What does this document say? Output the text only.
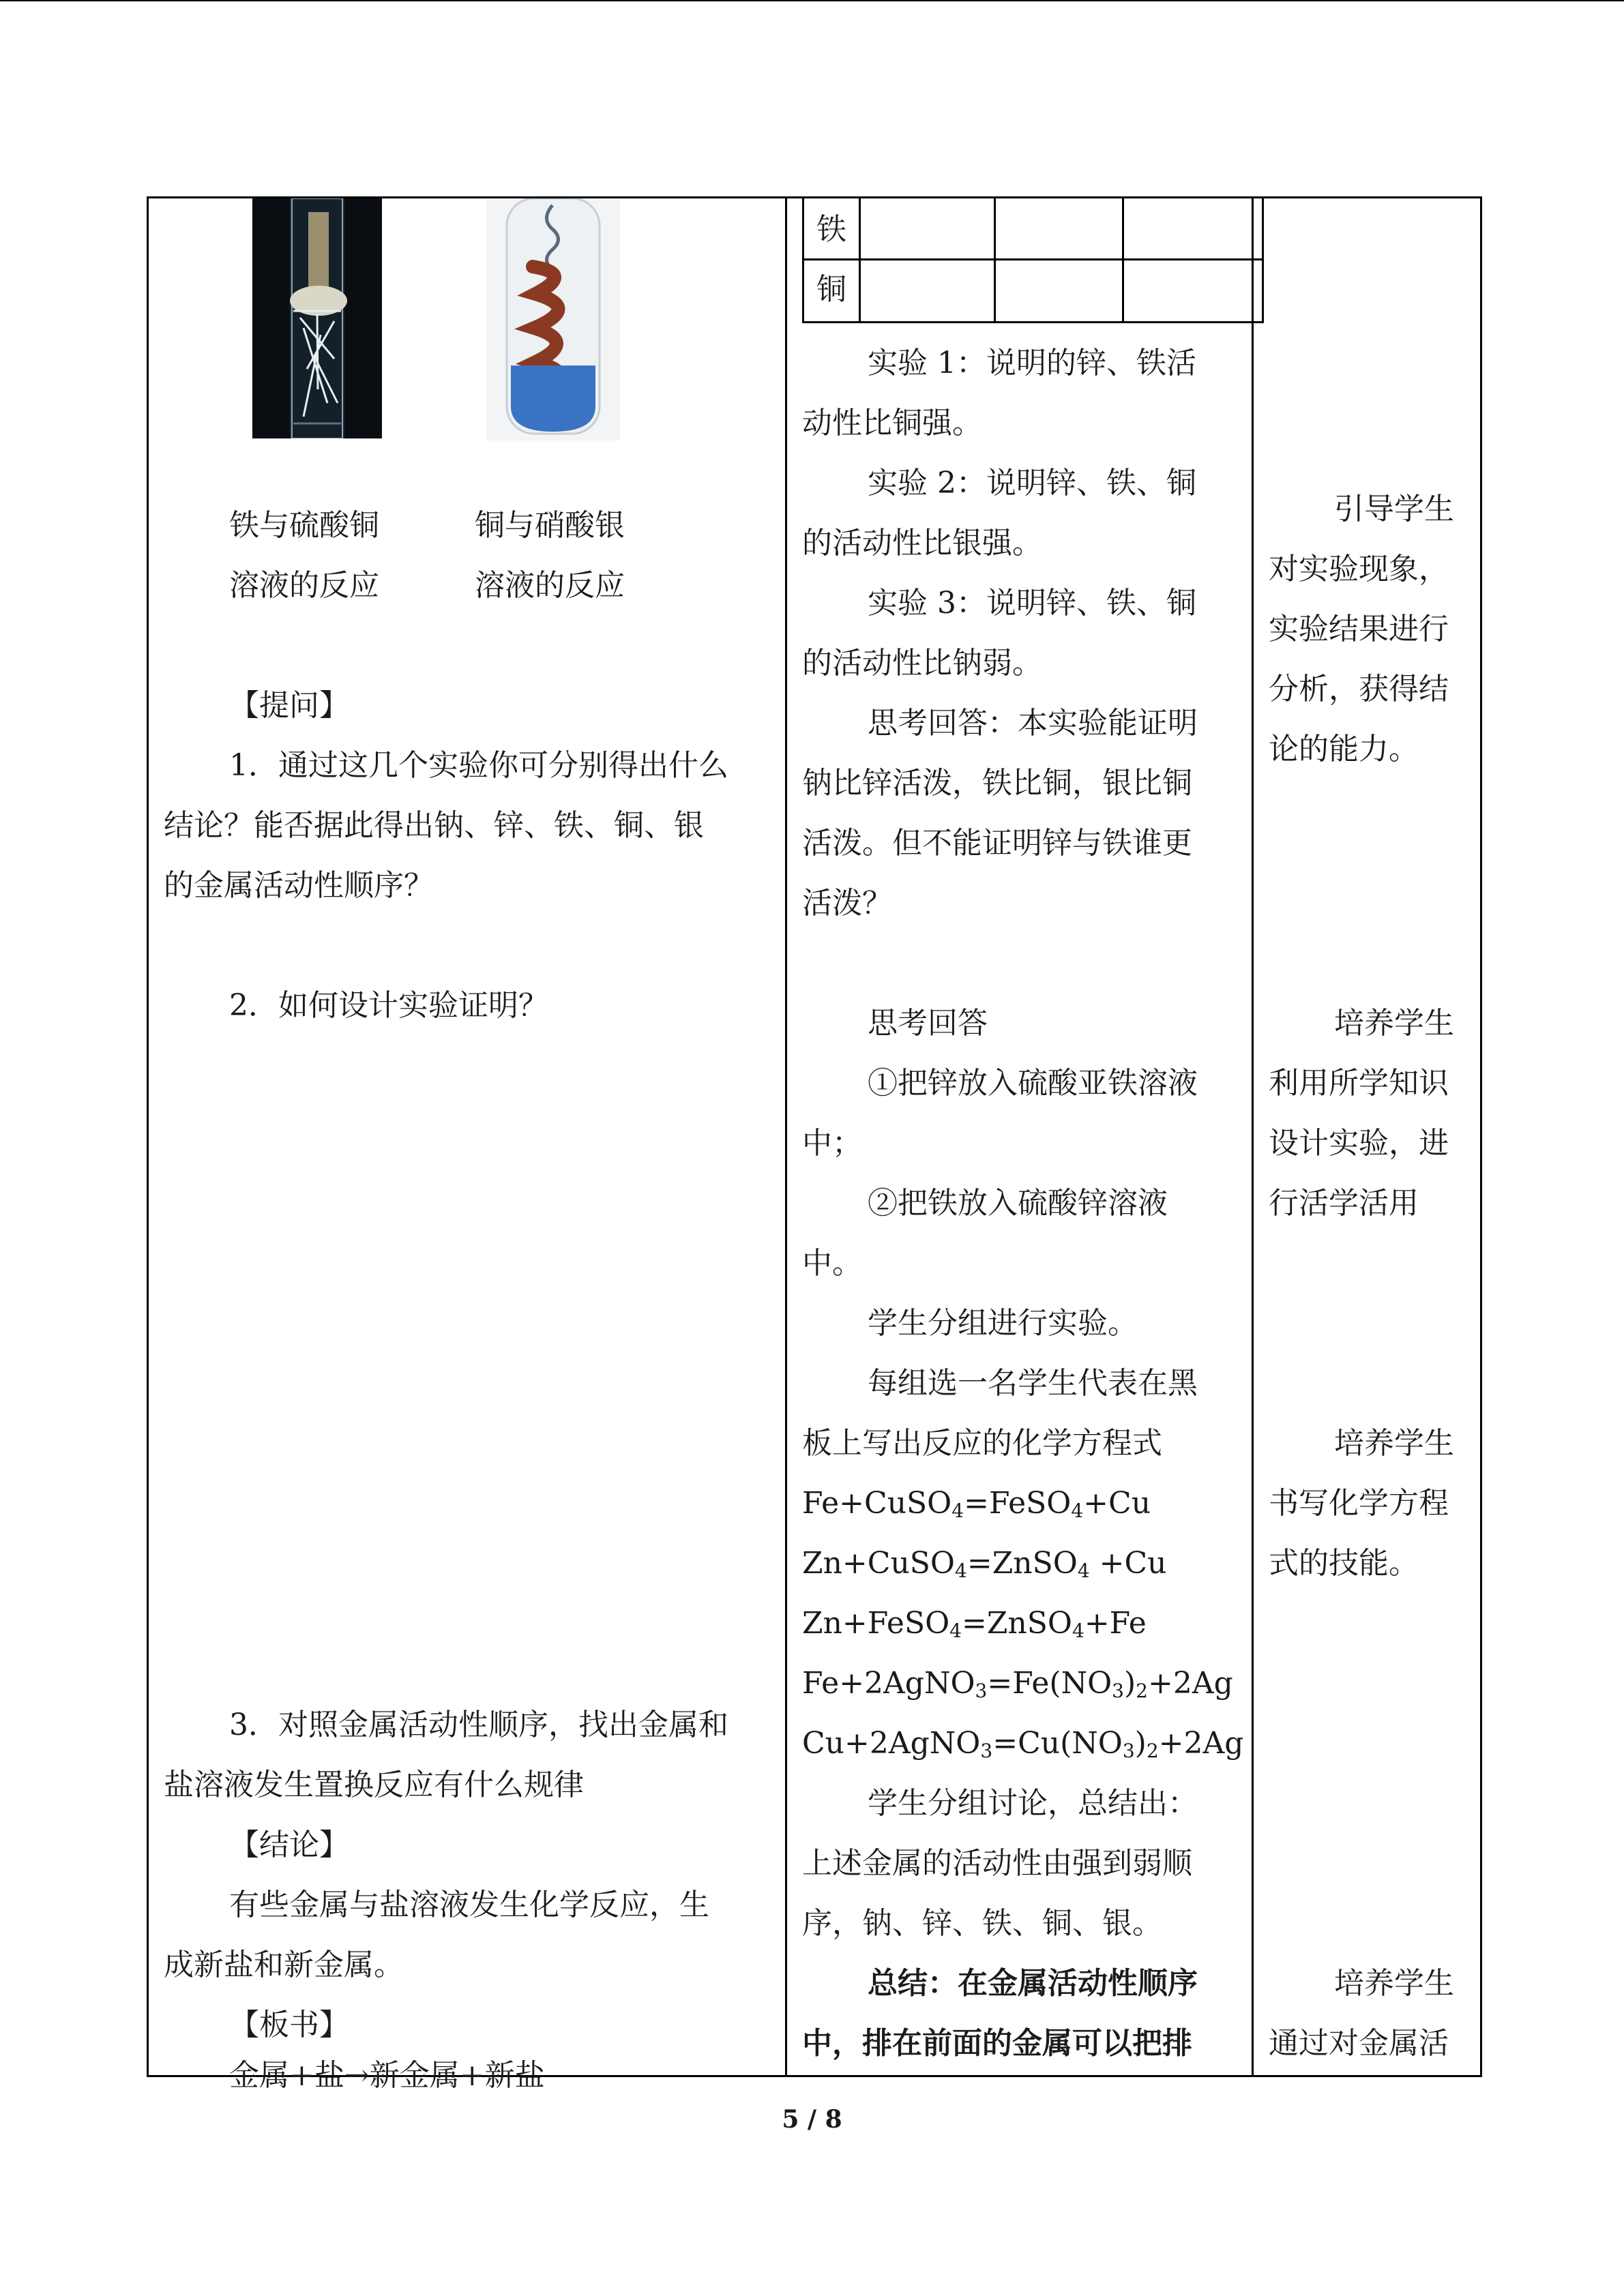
铁与硫酸铜
溶液的反应
铜与硝酸银
溶液的反应
【提问】
1．通过这几个实验你可分别得出什么
结论？能否据此得出钠、锌、铁、铜、银
的金属活动性顺序？
2．如何设计实验证明？
3．对照金属活动性顺序，找出金属和
盐溶液发生置换反应有什么规律
【结论】
有些金属与盐溶液发生化学反应，生
成新盐和新金属。
【板书】
金属+盐→新金属+新盐
铁
铜
实验 1：说明的锌、铁活
动性比铜强。
实验 2：说明锌、铁、铜
的活动性比银强。
实验 3：说明锌、铁、铜
的活动性比钠弱。
思考回答：本实验能证明
钠比锌活泼，铁比铜，银比铜
活泼。但不能证明锌与铁谁更
活泼？
思考回答
①把锌放入硫酸亚铁溶液
中；
②把铁放入硫酸锌溶液
中。
学生分组进行实验。
每组选一名学生代表在黑
板上写出反应的化学方程式
Fe+CuSO$_4$=FeSO$_4$+Cu
Zn+CuSO$_4$=ZnSO$_4$ +Cu
Zn+FeSO$_4$=ZnSO$_4$+Fe
$Fe+2AgNO_3=Fe(NO_3)_2+2Ag$
$Cu+2AgNO_3=Cu(NO_3)_2+2Ag$
学生分组讨论，总结出：
上述金属的活动性由强到弱顺
序，钠、锌、铁、铜、银。
总结：在金属活动性顺序
中，排在前面的金属可以把排
引导学生
对实验现象，
实验结果进行
分析，获得结
论的能力。
培养学生
利用所学知识
设计实验，进
行活学活用
培养学生
书写化学方程
式的技能。
培养学生
通过对金属活
5 / 8
